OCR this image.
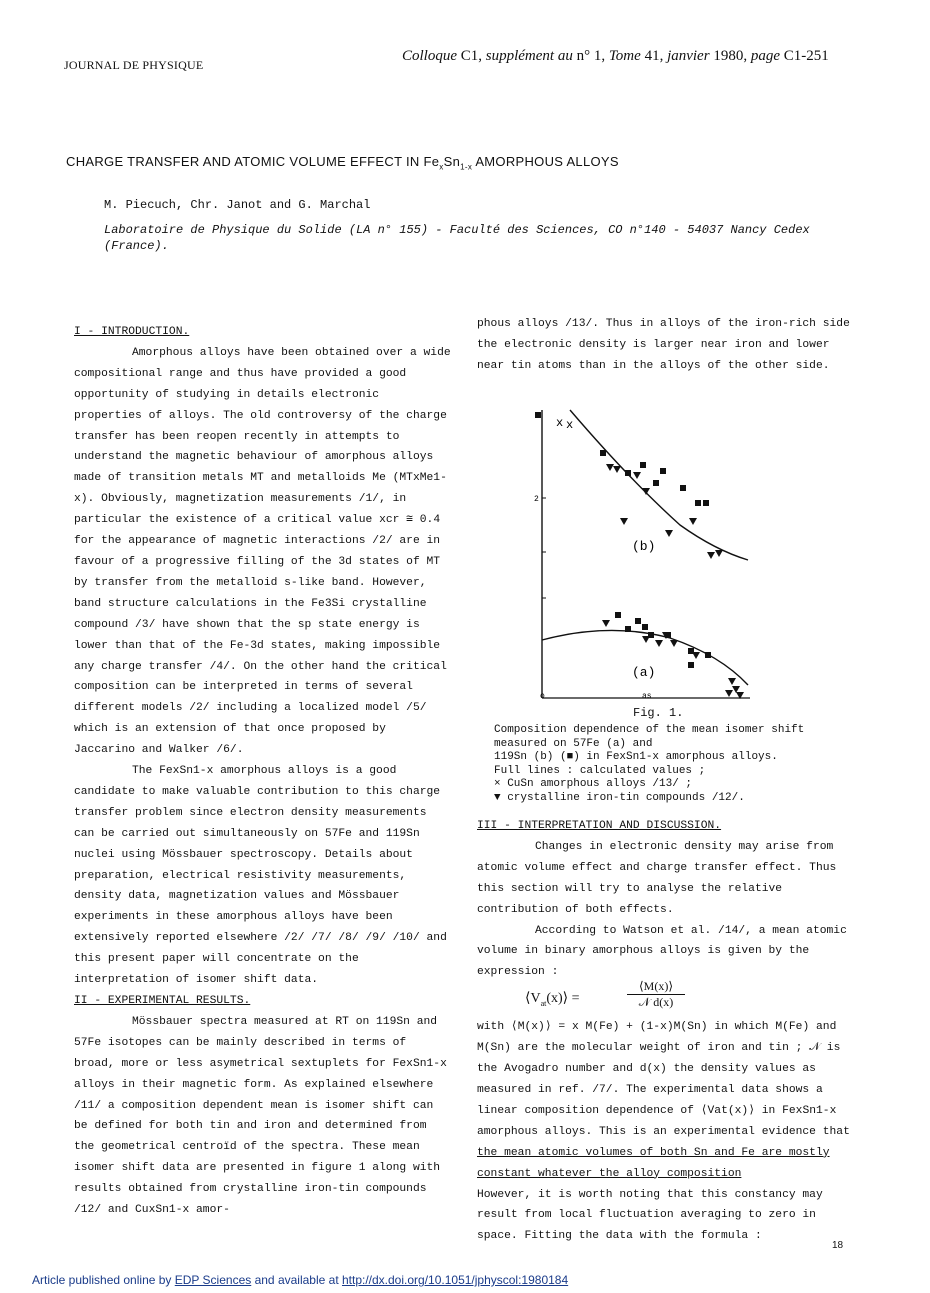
JOURNAL DE PHYSIQUE
Colloque C1, supplément au n° 1, Tome 41, janvier 1980, page C1-251
CHARGE TRANSFER AND ATOMIC VOLUME EFFECT IN $Fe_xSn_{1-x}$ AMORPHOUS ALLOYS
M. Piecuch, Chr. Janot and G. Marchal
Laboratoire de Physique du Solide (LA n° 155) - Faculté des Sciences, CO n°140 - 54037 Nancy Cedex (France).

I - INTRODUCTION.

Amorphous alloys have been obtained over a wide compositional range and thus have provided a good opportunity of studying in details electronic properties of alloys. The old controversy of the charge transfer has been reopen recently in attempts to understand the magnetic behaviour of amorphous alloys made of transition metals MT and metalloids Me (MTxMe1-x). Obviously, magnetization measurements /1/, in particular the existence of a critical value xcr ≅ 0.4 for the appearance of magnetic interactions /2/ are in favour of a progressive filling of the 3d states of MT by transfer from the metalloid s-like band. However, band structure calculations in the Fe3Si crystalline compound /3/ have shown that the sp state energy is lower than that of the Fe-3d states, making impossible any charge transfer /4/. On the other hand the critical composition can be interpreted in terms of several different models /2/ including a localized model /5/ which is an extension of that once proposed by Jaccarino and Walker /6/.

The FexSn1-x amorphous alloys is a good candidate to make valuable contribution to this charge transfer problem since electron density measurements can be carried out simultaneously on 57Fe and 119Sn nuclei using Mössbauer spectroscopy. Details about preparation, electrical resistivity measurements, density data, magnetization values and Mössbauer experiments in these amorphous alloys have been extensively reported elsewhere /2/ /7/ /8/ /9/ /10/ and this present paper will concentrate on the interpretation of isomer shift data.

II - EXPERIMENTAL RESULTS.

Mössbauer spectra measured at RT on 119Sn and 57Fe isotopes can be mainly described in terms of broad, more or less asymetrical sextuplets for FexSn1-x alloys in their magnetic form. As explained elsewhere /11/ a composition dependent mean is isomer shift can be defined for both tin and iron and determined from the geometrical centroïd of the spectra. These mean isomer shift data are presented in figure 1 along with results obtained from crystalline iron-tin compounds /12/ and CuxSn1-x amor-

phous alloys /13/. Thus in alloys of the iron-rich side the electronic density is larger near iron and lower near tin atoms than in the alloys of the other side.

2
x x
(b)
(a)
as
o
Fig. 1.
Composition dependence of the mean isomer shift measured on 57Fe (a) and
119Sn (b) (■) in FexSn1-x amorphous alloys.
Full lines : calculated values ;
× CuSn amorphous alloys /13/ ;
▼ crystalline iron-tin compounds /12/.

III - INTERPRETATION AND DISCUSSION.

Changes in electronic density may arise from atomic volume effect and charge transfer effect. Thus this section will try to analyse the relative contribution of both effects.

According to Watson et al. /14/, a mean atomic volume in binary amorphous alloys is given by the expression :

$⟨V_{at}(x)⟩$ =
⟨M(x)⟩
𝒩 d(x)

with ⟨M(x)⟩ = x M(Fe) + (1-x)M(Sn) in which M(Fe) and M(Sn) are the molecular weight of iron and tin ; 𝒩 is the Avogadro number and d(x) the density values as measured in ref. /7/. The experimental data shows a linear composition dependence of ⟨Vat(x)⟩ in FexSn1-x amorphous alloys. This is an experimental evidence that the mean atomic volumes of both Sn and Fe are mostly constant whatever the alloy composition

However, it is worth noting that this constancy may result from local fluctuation averaging to zero in space. Fitting the data with the formula :

18
Article published online by EDP Sciences and available at http://dx.doi.org/10.1051/jphyscol:1980184
